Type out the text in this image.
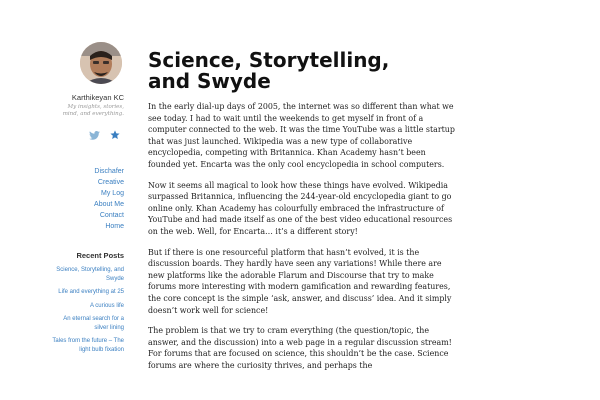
Karthikeyan KC
My insights, stories, mind, and everything.
Dischafer
Creative
My Log
About Me
Contact
Home
Recent Posts
Science, Storytelling, and Swyde
Life and everything at 25
A curious life
An eternal search for a silver lining
Tales from the future – The light bulb fixation
Science, Storytelling, and Swyde

In the early dial-up days of 2005, the internet was so different than what we see today. I had to wait until the weekends to get myself in front of a computer connected to the web. It was the time YouTube was a little startup that was just launched. Wikipedia was a new type of collaborative encyclopedia, competing with Britannica. Khan Academy hasn’t been founded yet. Encarta was the only cool encyclopedia in school computers.

Now it seems all magical to look how these things have evolved. Wikipedia surpassed Britannica, influencing the 244-year-old encyclopedia giant to go online only. Khan Academy has colourfully embraced the infrastructure of YouTube and had made itself as one of the best video educational resources on the web. Well, for Encarta… it’s a different story!

But if there is one resourceful platform that hasn’t evolved, it is the discussion boards. They hardly have seen any variations! While there are new platforms like the adorable Flarum and Discourse that try to make forums more interesting with modern gamification and rewarding features, the core concept is the simple ‘ask, answer, and discuss’ idea. And it simply doesn’t work well for science!

The problem is that we try to cram everything (the question/topic, the answer, and the discussion) into a web page in a regular discussion stream! For forums that are focused on science, this shouldn’t be the case. Science forums are where the curiosity thrives, and perhaps the
